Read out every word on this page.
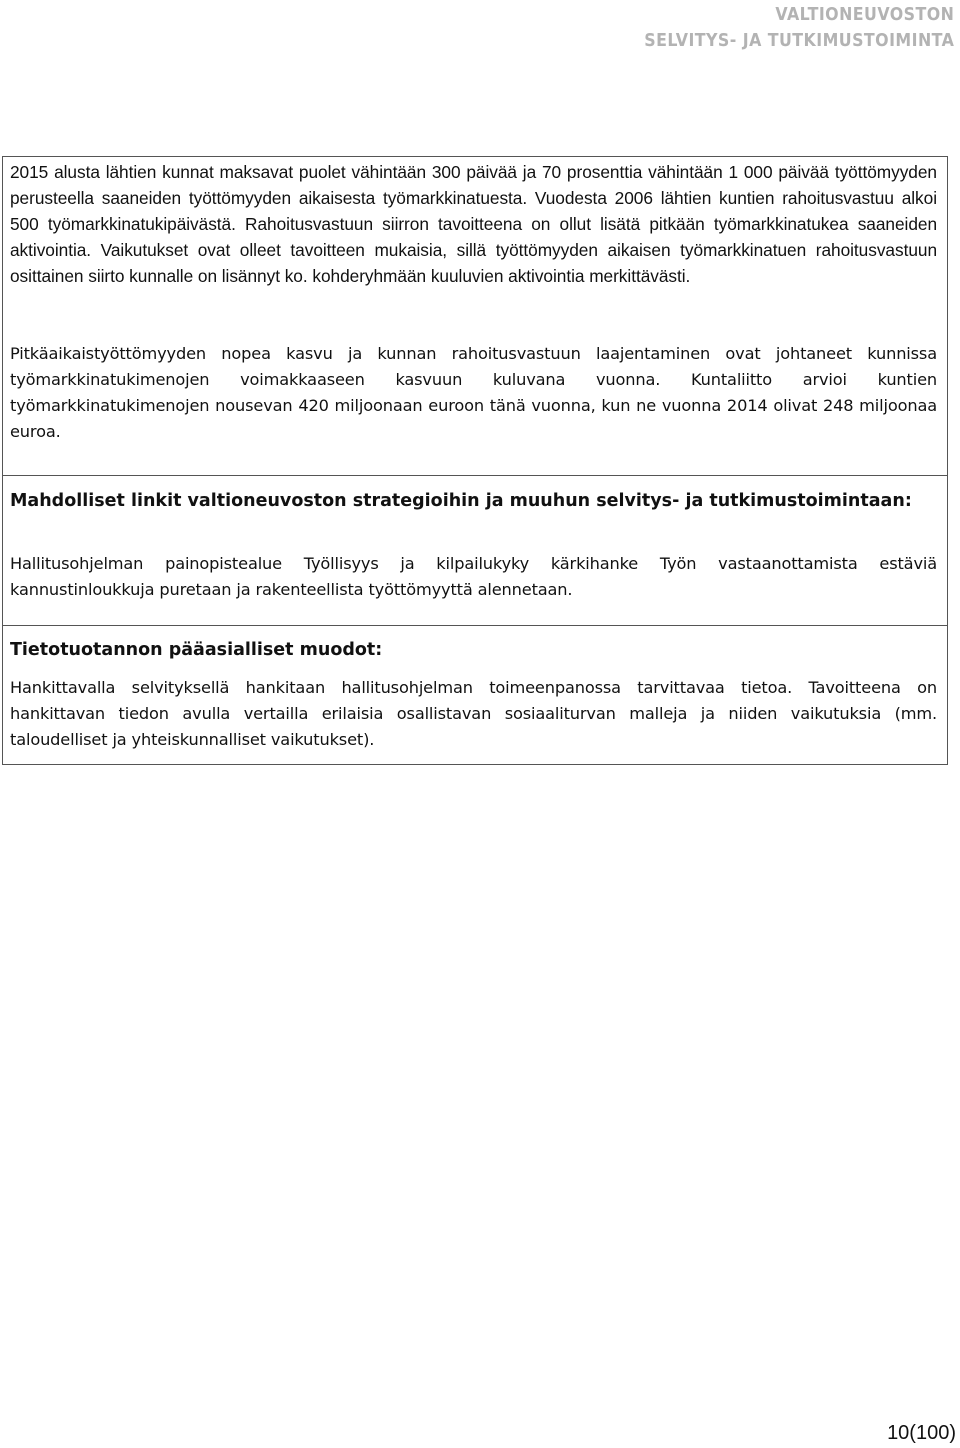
VALTIONEUVOSTON
SELVITYS- JA TUTKIMUSTOIMINTA

2015 alusta lähtien kunnat maksavat puolet vähintään 300 päivää ja 70 prosenttia vähintään 1 000 päivää työttömyyden perusteella saaneiden työttömyyden aikaisesta työmarkkinatuesta. Vuodesta 2006 lähtien kuntien rahoitusvastuu alkoi 500 työmarkkinatukipäivästä. Rahoitusvastuun siirron tavoitteena on ollut lisätä pitkään työmarkkinatukea saaneiden aktivointia. Vaikutukset ovat olleet tavoitteen mukaisia, sillä työttömyyden aikaisen työmarkkinatuen rahoitusvastuun osittainen siirto kunnalle on lisännyt ko. kohderyhmään kuuluvien aktivointia merkittävästi.

Pitkäaikaistyöttömyyden nopea kasvu ja kunnan rahoitusvastuun laajentaminen ovat johtaneet kunnissa työmarkkinatukimenojen voimakkaaseen kasvuun kuluvana vuonna. Kuntaliitto arvioi kuntien työmarkkinatukimenojen nousevan 420 miljoonaan euroon tänä vuonna, kun ne vuonna 2014 olivat 248 miljoonaa euroa.

Mahdolliset linkit valtioneuvoston strategioihin ja muuhun selvitys- ja tutkimustoimintaan:

Hallitusohjelman painopistealue Työllisyys ja kilpailukyky kärkihanke Työn vastaanottamista estäviä kannustinloukkuja puretaan ja rakenteellista työttömyyttä alennetaan.

Tietotuotannon pääasialliset muodot:

Hankittavalla selvityksellä hankitaan hallitusohjelman toimeenpanossa tarvittavaa tietoa. Tavoitteena on hankittavan tiedon avulla vertailla erilaisia osallistavan sosiaaliturvan malleja ja niiden vaikutuksia (mm. taloudelliset ja yhteiskunnalliset vaikutukset).

10(100)
